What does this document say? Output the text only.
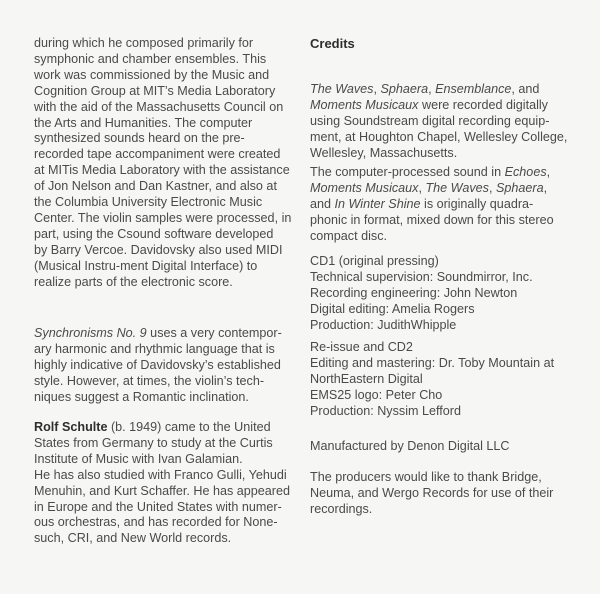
during which he composed primarily for
symphonic and chamber ensembles. This
work was commissioned by the Music and
Cognition Group at MIT’s Media Laboratory
with the aid of the Massachusetts Council on
the Arts and Humanities. The computer
synthesized sounds heard on the pre-
recorded tape accompaniment were created
at MITis Media Laboratory with the assistance
of Jon Nelson and Dan Kastner, and also at
the Columbia University Electronic Music
Center. The violin samples were processed, in
part, using the Csound software developed
by Barry Vercoe. Davidovsky also used MIDI
(Musical Instru-ment Digital Interface) to
realize parts of the electronic score.
Synchronisms No. 9 uses a very contempor-
ary harmonic and rhythmic language that is
highly indicative of Davidovsky’s established
style. However, at times, the violin’s tech-
niques suggest a Romantic inclination.
Rolf Schulte (b. 1949) came to the United
States from Germany to study at the Curtis
Institute of Music with Ivan Galamian.
He has also studied with Franco Gulli, Yehudi
Menuhin, and Kurt Schaffer. He has appeared
in Europe and the United States with numer-
ous orchestras, and has recorded for None-
such, CRI, and New World records.
Credits
The Waves, Sphaera, Ensemblance, and
Moments Musicaux were recorded digitally
using Soundstream digital recording equip-
ment, at Houghton Chapel, Wellesley College,
Wellesley, Massachusetts.
The computer-processed sound in Echoes,
Moments Musicaux, The Waves, Sphaera,
and In Winter Shine is originally quadra-
phonic in format, mixed down for this stereo
compact disc.
CD1 (original pressing)
Technical supervision: Soundmirror, Inc.
Recording engineering: John Newton
Digital editing: Amelia Rogers
Production: JudithWhipple
Re-issue and CD2
Editing and mastering: Dr. Toby Mountain at
NorthEastern Digital
EMS25 logo: Peter Cho
Production: Nyssim Lefford
Manufactured by Denon Digital LLC
The producers would like to thank Bridge,
Neuma, and Wergo Records for use of their
recordings.
